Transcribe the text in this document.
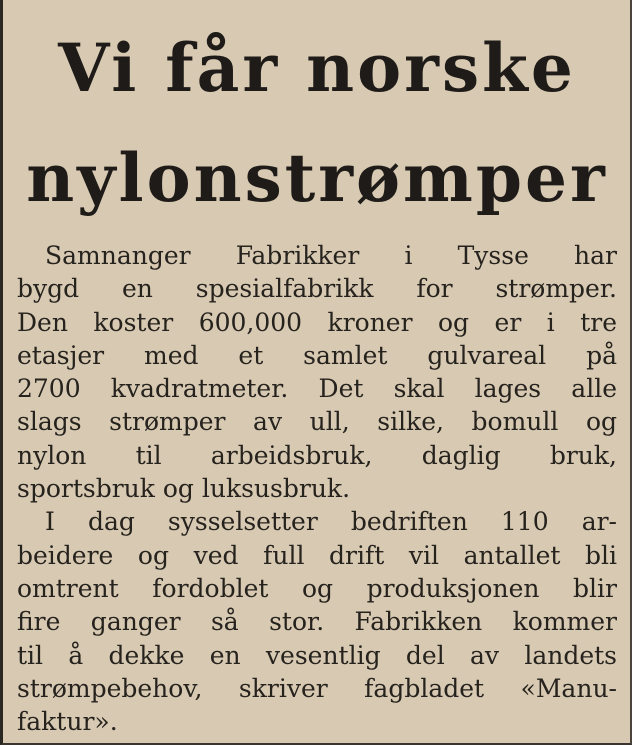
Vi får norske
nylonstrømper
Samnanger Fabrikker i Tysse har
bygd en spesialfabrikk for strømper.
Den koster 600,000 kroner og er i tre
etasjer med et samlet gulvareal på
2700 kvadratmeter. Det skal lages alle
slags strømper av ull, silke, bomull og
nylon til arbeidsbruk, daglig bruk,
sportsbruk og luksusbruk.
I dag sysselsetter bedriften 110 ar-
beidere og ved full drift vil antallet bli
omtrent fordoblet og produksjonen blir
fire ganger så stor. Fabrikken kommer
til å dekke en vesentlig del av landets
strømpebehov, skriver fagbladet «Manu-
faktur».
